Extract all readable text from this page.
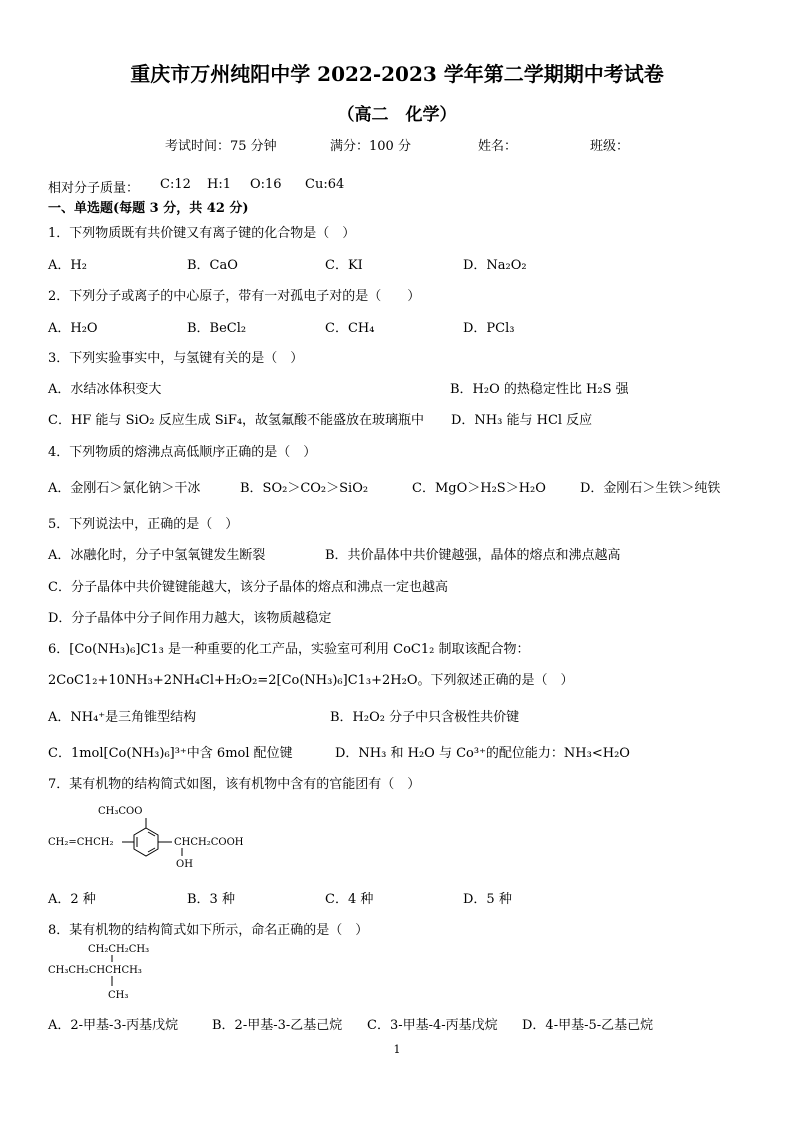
重庆市万州纯阳中学 2022-2023 学年第二学期期中考试卷
（高二　化学）
考试时间：75 分钟	满分：100 分	姓名：	班级：
相对分子质量： C:12 H:1 O:16 Cu:64
一、单选题(每题 3 分，共 42 分)
1．下列物质既有共价键又有离子键的化合物是（　）
A．H₂	B．CaO	C．KI	D．Na₂O₂
2．下列分子或离子的中心原子，带有一对孤电子对的是（　　）
A．H₂O	B．BeCl₂	C．CH₄	D．PCl₃
3．下列实验事实中，与氢键有关的是（　）
A．水结冰体积变大	B．H₂O 的热稳定性比 H₂S 强
C．HF 能与 SiO₂ 反应生成 SiF₄，故氢氟酸不能盛放在玻璃瓶中 D．NH₃ 能与 HCl 反应
4．下列物质的熔沸点高低顺序正确的是（　）
A．金刚石＞氯化钠＞干冰	B．SO₂＞CO₂＞SiO₂	C．MgO＞H₂S＞H₂O	D．金刚石＞生铁＞纯铁
5．下列说法中，正确的是（　）
A．冰融化时，分子中氢氧键发生断裂	B．共价晶体中共价键越强，晶体的熔点和沸点越高
C．分子晶体中共价键键能越大，该分子晶体的熔点和沸点一定也越高
D．分子晶体中分子间作用力越大，该物质越稳定
6．[Co(NH₃)₆]C1₃ 是一种重要的化工产品，实验室可利用 CoC1₂ 制取该配合物：
2CoC1₂+10NH₃+2NH₄Cl+H₂O₂=2[Co(NH₃)₆]C1₃+2H₂O。下列叙述正确的是（　）
A．NH₄⁺是三角锥型结构	B．H₂O₂ 分子中只含极性共价键
C．1mol[Co(NH₃)₆]³⁺中含 6mol 配位键	D．NH₃ 和 H₂O 与 Co³⁺的配位能力：NH₃<H₂O
7．某有机物的结构简式如图，该有机物中含有的官能团有（　）
CH₃COO
CH₂=CHCH₂	CHCH₂COOH
OH
A．2 种	B．3 种	C．4 种	D．5 种
8．某有机物的结构简式如下所示，命名正确的是（　）
CH₂CH₂CH₃
CH₃CH₂CHCHCH₃
CH₃
A．2-甲基-3-丙基戊烷	B．2-甲基-3-乙基己烷 C．3-甲基-4-丙基戊烷 D．4-甲基-5-乙基己烷
1
